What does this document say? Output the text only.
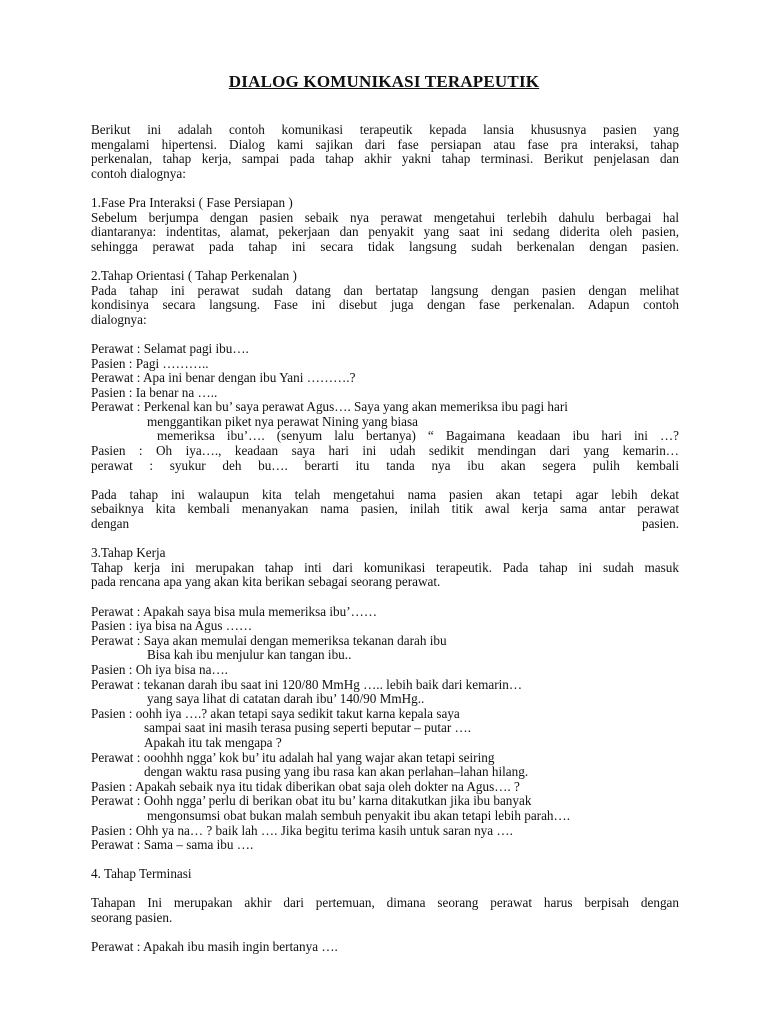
DIALOG KOMUNIKASI TERAPEUTIK
Berikut ini adalah contoh komunikasi terapeutik kepada lansia khususnya pasien yang
mengalami hipertensi. Dialog kami sajikan dari fase persiapan atau fase pra interaksi, tahap
perkenalan, tahap kerja, sampai pada tahap akhir yakni tahap terminasi. Berikut penjelasan dan
contoh dialognya:
1.Fase Pra Interaksi ( Fase Persiapan )
Sebelum berjumpa dengan pasien sebaik nya perawat mengetahui terlebih dahulu berbagai hal
diantaranya: indentitas, alamat, pekerjaan dan penyakit yang saat ini sedang diderita oleh pasien,
sehingga perawat pada tahap ini secara tidak langsung sudah berkenalan dengan pasien.
2.Tahap Orientasi ( Tahap Perkenalan )
Pada tahap ini perawat sudah datang dan bertatap langsung dengan pasien dengan melihat
kondisinya secara langsung. Fase ini disebut juga dengan fase perkenalan. Adapun contoh
dialognya:
Perawat : Selamat pagi ibu….
Pasien : Pagi ………..
Perawat : Apa ini benar dengan ibu Yani ……….?
Pasien : Ia benar na …..
Perawat : Perkenal kan bu’ saya perawat Agus…. Saya yang akan memeriksa ibu pagi hari
menggantikan piket nya perawat Nining yang biasa
memeriksa ibu’…. (senyum lalu bertanya) “ Bagaimana keadaan ibu hari ini …?
Pasien : Oh iya…., keadaan saya hari ini udah sedikit mendingan dari yang kemarin…
perawat : syukur deh bu…. berarti itu tanda nya ibu akan segera pulih kembali
Pada tahap ini walaupun kita telah mengetahui nama pasien akan tetapi agar lebih dekat
sebaiknya kita kembali menanyakan nama pasien, inilah titik awal kerja sama antar perawat
dengan	pasien.
3.Tahap Kerja
Tahap kerja ini merupakan tahap inti dari komunikasi terapeutik. Pada tahap ini sudah masuk
pada rencana apa yang akan kita berikan sebagai seorang perawat.
Perawat : Apakah saya bisa mula memeriksa ibu’……
Pasien : iya bisa na Agus ……
Perawat : Saya akan memulai dengan memeriksa tekanan darah ibu
Bisa kah ibu menjulur kan tangan ibu..
Pasien : Oh iya bisa na….
Perawat : tekanan darah ibu saat ini 120/80 MmHg ….. lebih baik dari kemarin…
yang saya lihat di catatan darah ibu’ 140/90 MmHg..
Pasien : oohh iya ….? akan tetapi saya sedikit takut karna kepala saya
sampai saat ini masih terasa pusing seperti beputar – putar ….
Apakah itu tak mengapa ?
Perawat : ooohhh ngga’ kok bu’ itu adalah hal yang wajar akan tetapi seiring
dengan waktu rasa pusing yang ibu rasa kan akan perlahan–lahan hilang.
Pasien : Apakah sebaik nya itu tidak diberikan obat saja oleh dokter na Agus…. ?
Perawat : Oohh ngga’ perlu di berikan obat itu bu’ karna ditakutkan jika ibu banyak
mengonsumsi obat bukan malah sembuh penyakit ibu akan tetapi lebih parah….
Pasien : Ohh ya na… ? baik lah …. Jika begitu terima kasih untuk saran nya ….
Perawat : Sama – sama ibu ….
4. Tahap Terminasi
Tahapan Ini merupakan akhir dari pertemuan, dimana seorang perawat harus berpisah dengan
seorang pasien.
Perawat : Apakah ibu masih ingin bertanya ….
